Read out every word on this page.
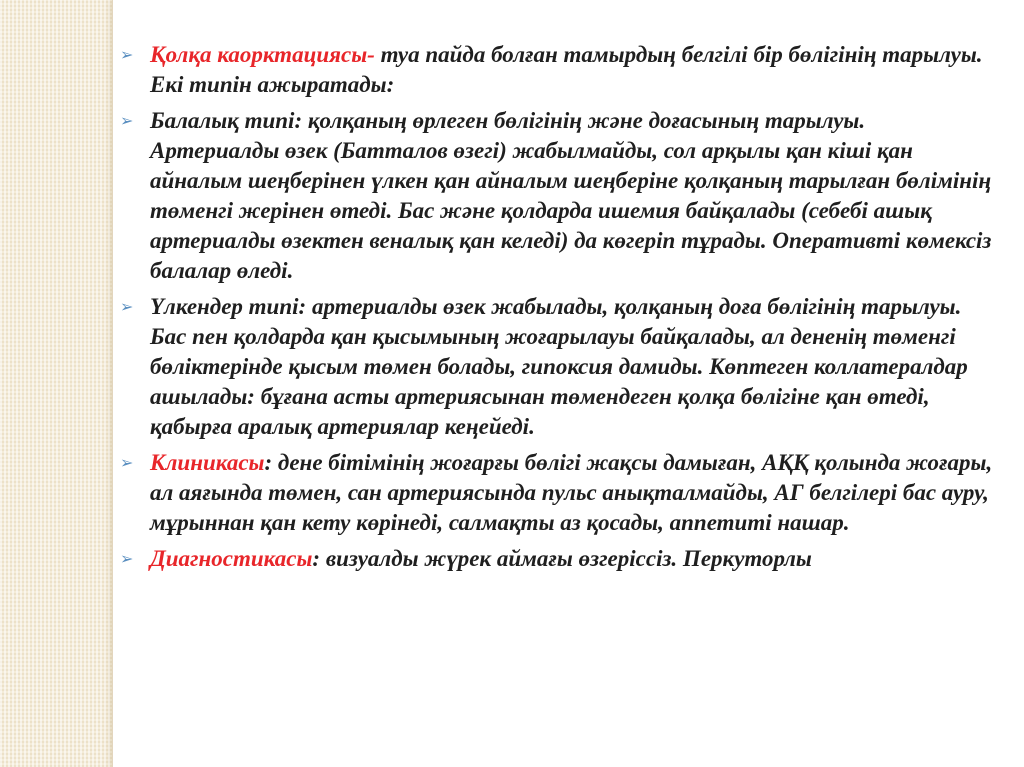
➢ Қолқа каорктациясы- туа пайда болған тамырдың белгілі бір бөлігінің тарылуы. Екі типін ажыратады:
➢ Балалық типі: қолқаның өрлеген бөлігінің және доғасының тарылуы. Артериалды өзек (Батталов өзегі) жабылмайды, сол арқылы қан кіші қан айналым шеңберінен үлкен қан айналым шеңберіне қолқаның тарылған бөлімінің төменгі жерінен өтеді. Бас және қолдарда ишемия байқалады (себебі ашық артериалды өзектен веналық қан келеді) да көгеріп тұрады. Оперативті көмексіз балалар өледі.
➢ Үлкендер типі: артериалды өзек жабылады, қолқаның доға бөлігінің тарылуы. Бас пен қолдарда қан қысымының жоғарылауы байқалады, ал дененің төменгі бөліктерінде қысым төмен болады, гипоксия дамиды. Көптеген коллатералдар ашылады: бұғана асты артериясынан төмендеген қолқа бөлігіне қан өтеді, қабырға аралық артериялар кеңейеді.
➢ Клиникасы: дене бітімінің жоғарғы бөлігі жақсы дамыған, АҚҚ қолында жоғары, ал аяғында төмен, сан артериясында пульс анықталмайды, АГ белгілері бас ауру, мұрыннан қан кету көрінеді, салмақты аз қосады, аппетиті нашар.
➢ Диагностикасы: визуалды жүрек аймағы өзгеріссіз. Перкуторлы
